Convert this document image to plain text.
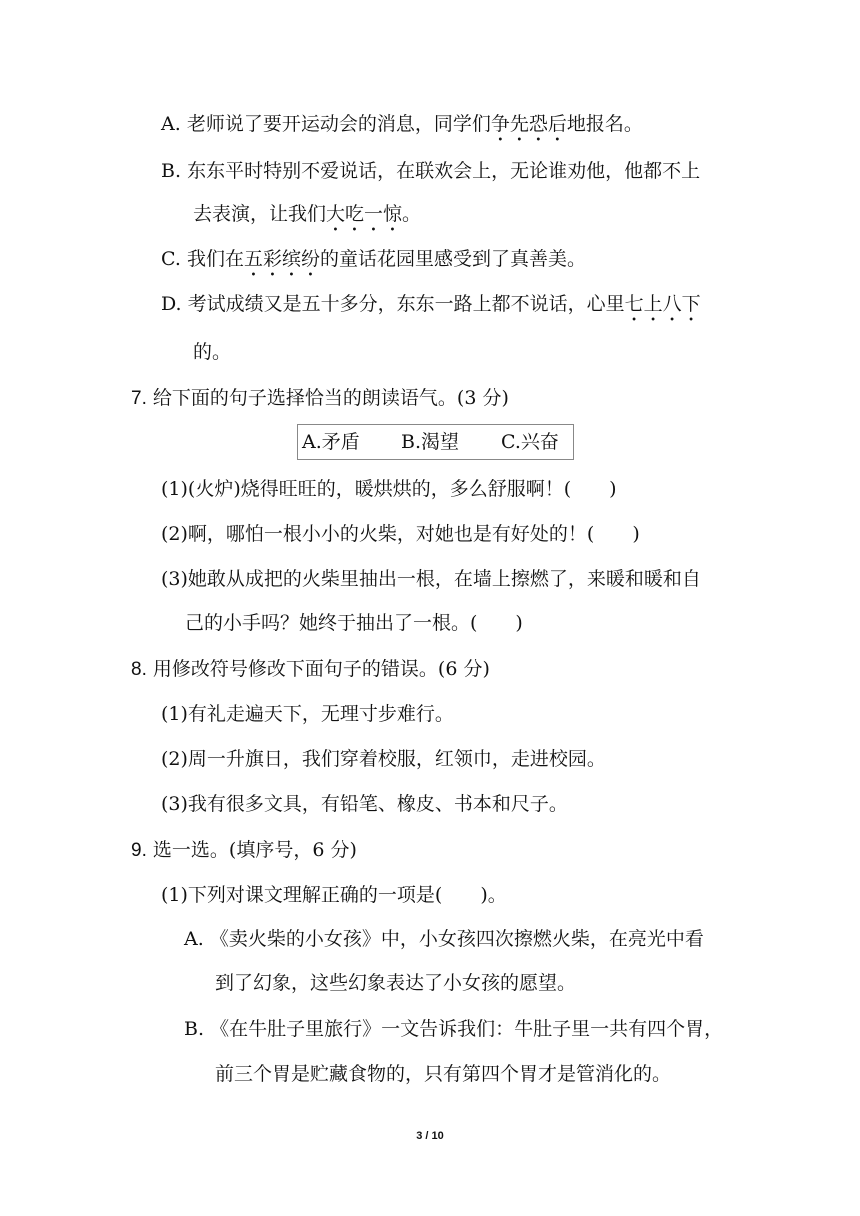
A. 老师说了要开运动会的消息，同学们争先恐后地报名。
B. 东东平时特别不爱说话，在联欢会上，无论谁劝他，他都不上
去表演，让我们大吃一惊。
C. 我们在五彩缤纷的童话花园里感受到了真善美。
D. 考试成绩又是五十多分，东东一路上都不说话，心里七上八下
的。
7. 给下面的句子选择恰当的朗读语气。(3 分)
A.矛盾 B.渴望 C.兴奋
(1)(火炉)烧得旺旺的，暖烘烘的，多么舒服啊！(　　)
(2)啊，哪怕一根小小的火柴，对她也是有好处的！(　　)
(3)她敢从成把的火柴里抽出一根，在墙上擦燃了，来暖和暖和自
己的小手吗？她终于抽出了一根。(　　)
8. 用修改符号修改下面句子的错误。(6 分)
(1)有礼走遍天下，无理寸步难行。
(2)周一升旗日，我们穿着校服，红领巾，走进校园。
(3)我有很多文具，有铅笔、橡皮、书本和尺子。
9. 选一选。(填序号，6 分)
(1)下列对课文理解正确的一项是(　　)。
A. 《卖火柴的小女孩》中，小女孩四次擦燃火柴，在亮光中看
到了幻象，这些幻象表达了小女孩的愿望。
B. 《在牛肚子里旅行》一文告诉我们：牛肚子里一共有四个胃，
前三个胃是贮藏食物的，只有第四个胃才是管消化的。
3 / 10
